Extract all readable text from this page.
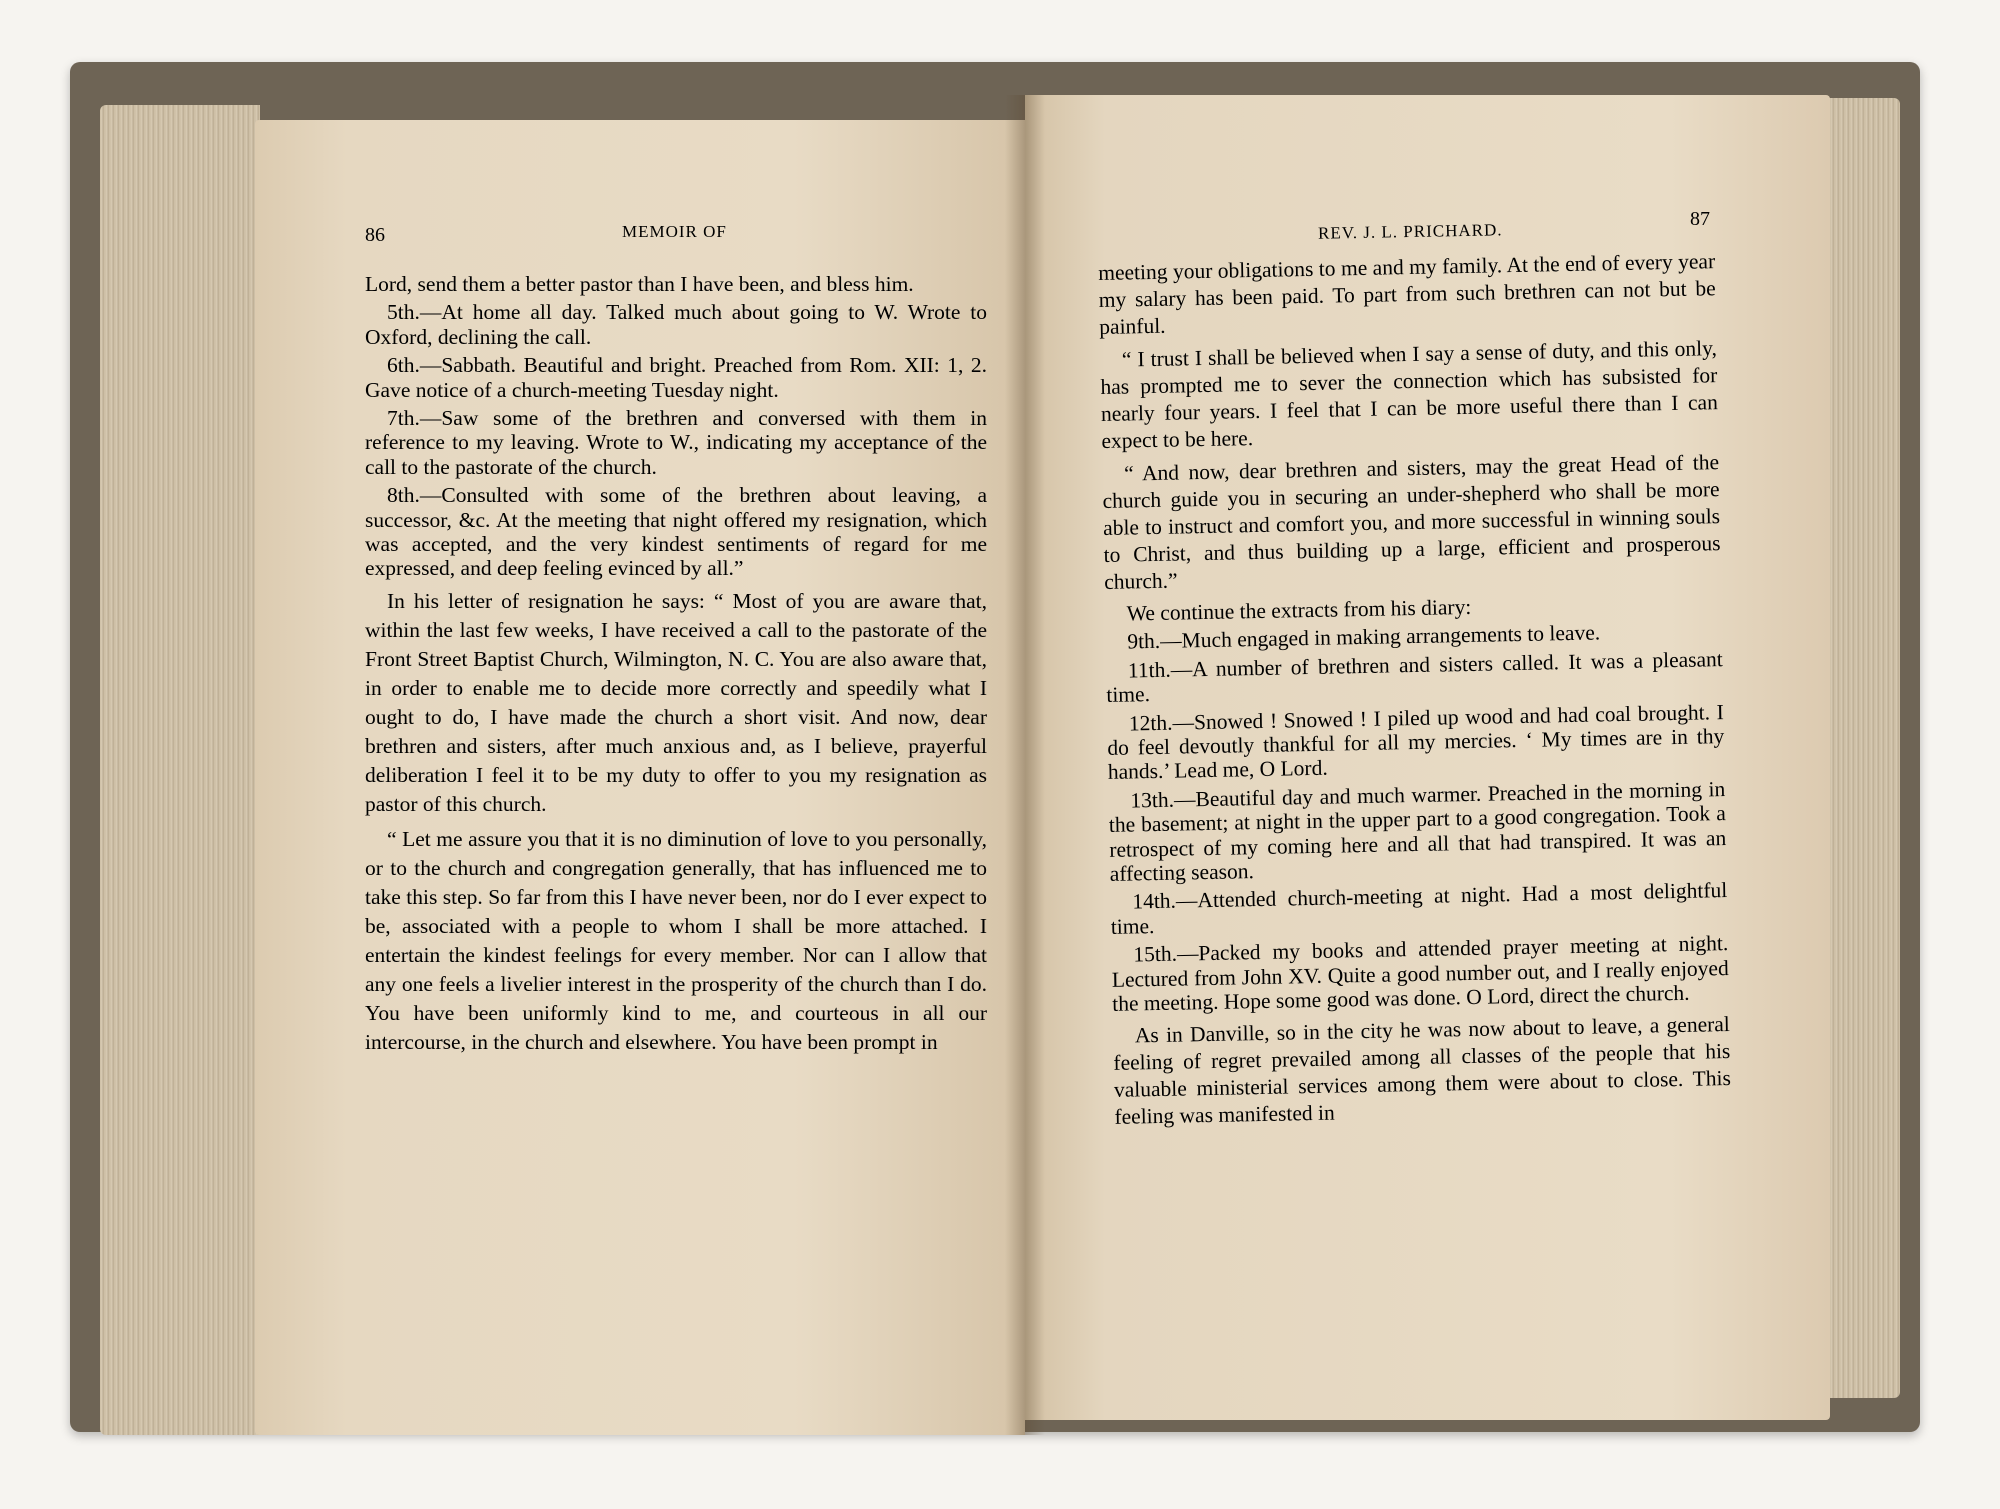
86	MEMOIR OF	REV. J. L. PRICHARD.
87

Lord, send them a better pastor than I have been, and bless him.

5th.—At home all day. Talked much about going to W. Wrote to Oxford, declining the call.

6th.—Sabbath. Beautiful and bright. Preached from Rom. XII: 1, 2. Gave notice of a church-meeting Tuesday night.

7th.—Saw some of the brethren and conversed with them in reference to my leaving. Wrote to W., indicating my acceptance of the call to the pastorate of the church.

8th.—Consulted with some of the brethren about leaving, a successor, &c. At the meeting that night offered my resignation, which was accepted, and the very kindest sentiments of regard for me expressed, and deep feeling evinced by all.”

In his letter of resignation he says: “ Most of you are aware that, within the last few weeks, I have received a call to the pastorate of the Front Street Baptist Church, Wilmington, N. C. You are also aware that, in order to enable me to decide more correctly and speedily what I ought to do, I have made the church a short visit. And now, dear brethren and sisters, after much anxious and, as I believe, prayerful deliberation I feel it to be my duty to offer to you my resignation as pastor of this church.

“ Let me assure you that it is no diminution of love to you personally, or to the church and congregation generally, that has influenced me to take this step. So far from this I have never been, nor do I ever expect to be, associated with a people to whom I shall be more attached. I entertain the kindest feelings for every member. Nor can I allow that any one feels a livelier interest in the prosperity of the church than I do. You have been uniformly kind to me, and courteous in all our intercourse, in the church and elsewhere. You have been prompt in

meeting your obligations to me and my family. At the end of every year my salary has been paid. To part from such brethren can not but be painful.

“ I trust I shall be believed when I say a sense of duty, and this only, has prompted me to sever the connection which has subsisted for nearly four years. I feel that I can be more useful there than I can expect to be here.

“ And now, dear brethren and sisters, may the great Head of the church guide you in securing an under-shepherd who shall be more able to instruct and comfort you, and more successful in winning souls to Christ, and thus building up a large, efficient and prosperous church.”

We continue the extracts from his diary:

9th.—Much engaged in making arrangements to leave.

11th.—A number of brethren and sisters called. It was a pleasant time.

12th.—Snowed ! Snowed ! I piled up wood and had coal brought. I do feel devoutly thankful for all my mercies. ‘ My times are in thy hands.’ Lead me, O Lord.

13th.—Beautiful day and much warmer. Preached in the morning in the basement; at night in the upper part to a good congregation. Took a retrospect of my coming here and all that had transpired. It was an affecting season.

14th.—Attended church-meeting at night. Had a most delightful time.

15th.—Packed my books and attended prayer meeting at night. Lectured from John XV. Quite a good number out, and I really enjoyed the meeting. Hope some good was done. O Lord, direct the church.

As in Danville, so in the city he was now about to leave, a general feeling of regret prevailed among all classes of the people that his valuable ministerial services among them were about to close. This feeling was manifested in
